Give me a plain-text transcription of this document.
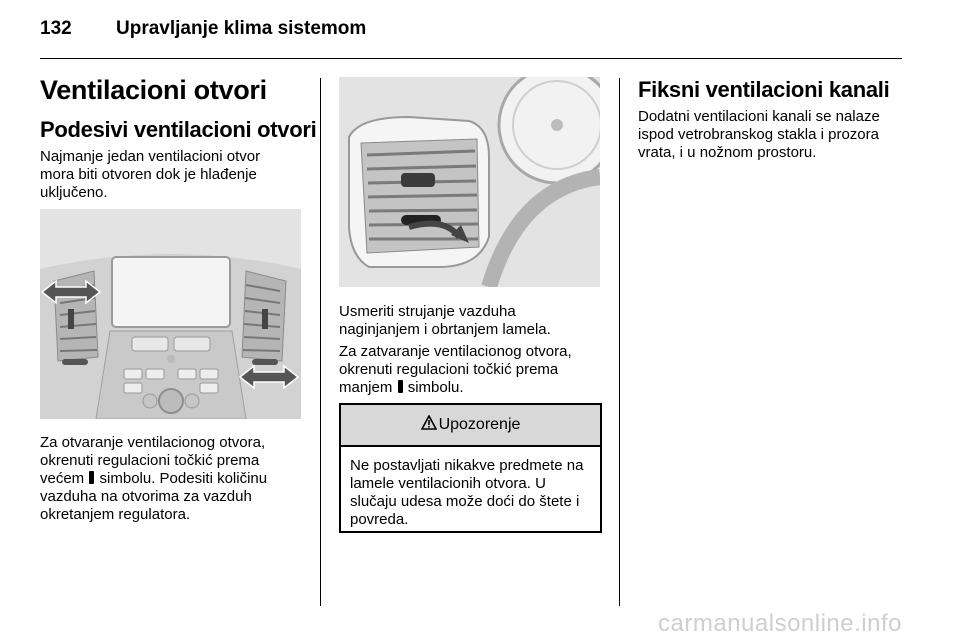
132 Upravljanje klima sistemom
Ventilacioni otvori
Podesivi ventilacioni otvori
Najmanje jedan ventilacioni otvor mora biti otvoren dok je hlađenje uključeno.
Za otvaranje ventilacionog otvora, okrenuti regulacioni točkić prema većem simbolu. Podesiti količinu vazduha na otvorima za vazduh okretanjem regulatora.
Usmeriti strujanje vazduha naginjanjem i obrtanjem lamela.
Za zatvaranje ventilacionog otvora, okrenuti regulacioni točkić prema manjem simbolu.
Upozorenje
Ne postavljati nikakve predmete na lamele ventilacionih otvora. U slučaju udesa može doći do štete i povreda.
Fiksni ventilacioni kanali
Dodatni ventilacioni kanali se nalaze ispod vetrobranskog stakla i prozora vrata, i u nožnom prostoru.
carmanualsonline.info
